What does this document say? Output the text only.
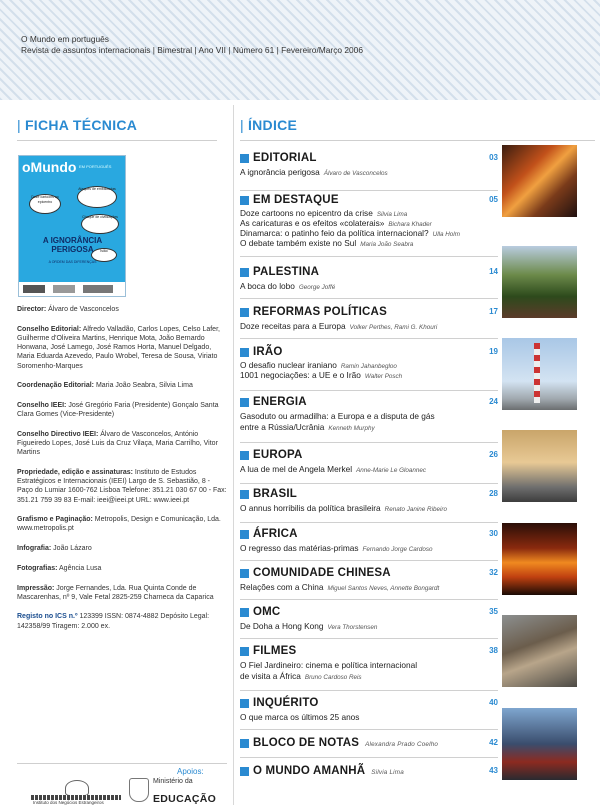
O Mundo em português
Revista de assuntos internacionais | Bimestral | Ano VII | Número 61 | Fevereiro/Março 2006
| FICHA TÉCNICA
oMundo EM PORTUGUÊS
Doze cartoons no epicentro
Ataques de embaixadas
Choque de civilizações
Islão
A IGNORÂNCIA PERIGOSA
A ORDEM DAS DIFERENÇAS

Director: Álvaro de Vasconcelos

Conselho Editorial: Alfredo Valladão, Carlos Lopes, Celso Lafer, Guilherme d'Oliveira Martins, Henrique Mota, João Bernardo Honwana, José Lamego, José Ramos Horta, Manuel Delgado, Maria Eduarda Azevedo, Paulo Wrobel, Teresa de Sousa, Viriato Soromenho-Marques

Coordenação Editorial: Maria João Seabra, Silvia Lima

Conselho IEEI: José Gregório Faria (Presidente) Gonçalo Santa Clara Gomes (Vice-Presidente)

Conselho Directivo IEEI: Álvaro de Vasconcelos, António Figueiredo Lopes, José Luis da Cruz Vilaça, Maria Carrilho, Vitor Martins

Propriedade, edição e assinaturas: Instituto de Estudos Estratégicos e Internacionais (IEEI) Largo de S. Sebastião, 8 - Paço do Lumiar 1600-762 Lisboa Telefone: 351.21 030 67 00 - Fax: 351.21 759 39 83 E-mail: ieei@ieei.pt URL: www.ieei.pt

Grafismo e Paginação: Metropolis, Design e Comunicação, Lda. www.metropolis.pt

Infografia: João Lázaro

Fotografias: Agência Lusa

Impressão: Jorge Fernandes, Lda. Rua Quinta Conde de Mascarenhas, nº 9, Vale Fetal 2825-259 Charneca da Caparica

Registo no ICS n.º 123399 ISSN: 0874-4882 Depósito Legal: 142358/99 Tiragem: 2.000 ex.

Apoios:
Instituto dos Negócios Estrangeiros
Ministério da
EDUCAÇÃO
| ÍNDICE
EDITORIAL	03
A ignorância perigosa Álvaro de Vasconcelos
EM DESTAQUE	05
Doze cartoons no epicentro da crise Silvia Lima
As caricaturas e os efeitos «colaterais» Bichara Khader
Dinamarca: o patinho feio da política internacional? Ulla Holm
O debate também existe no Sul Maria João Seabra
PALESTINA	14
A boca do lobo George Joffé
REFORMAS POLÍTICAS	17
Doze receitas para a Europa Volker Perthes, Rami G. Khouri
IRÃO	19
O desafio nuclear iraniano Ramin Jahanbegloo
1001 negociações: a UE e o Irão Walter Posch
ENERGIA	24
Gasoduto ou armadilha: a Europa e a disputa de gás
entre a Rússia/Ucrânia Kenneth Murphy
EUROPA	26
A lua de mel de Angela Merkel Anne-Marie Le Gloannec
BRASIL	28
O annus horribilis da política brasileira Renato Janine Ribeiro
ÁFRICA	30
O regresso das matérias-primas Fernando Jorge Cardoso
COMUNIDADE CHINESA	32
Relações com a China Miguel Santos Neves, Annette Bongardt
OMC	35
De Doha a Hong Kong Vera Thorstensen
FILMES	38
O Fiel Jardineiro: cinema e política internacional
de visita a África Bruno Cardoso Reis
INQUÉRITO	40
O que marca os últimos 25 anos
BLOCO DE NOTAS Alexandra Prado Coelho	42
O MUNDO AMANHÃ Silvia Lima	43
